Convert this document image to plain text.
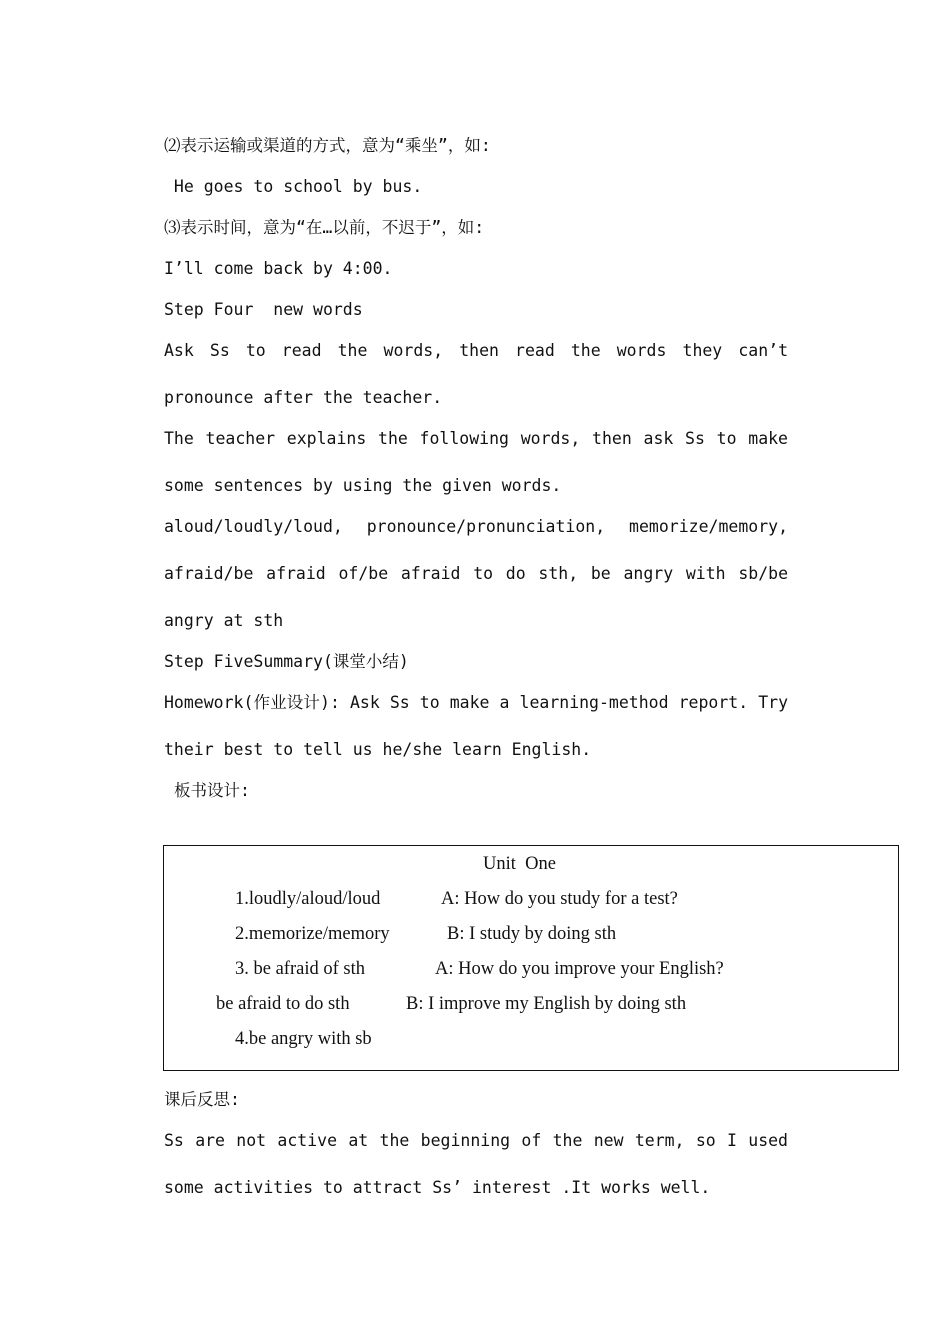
⑵表示运输或渠道的方式，意为“乘坐”，如:
He goes to school by bus.
⑶表示时间，意为“在…以前，不迟于”，如:
I’ll come back by 4:00.
Step Four  new words
Ask Ss to read the words, then read the words they can’t
pronounce after the teacher.
The teacher explains the following words, then ask Ss to make
some sentences by using the given words.
aloud/loudly/loud, pronounce/pronunciation, memorize/memory,
afraid/be afraid of/be afraid to do sth, be angry with sb/be
angry at sth
Step FiveSummary(课堂小结)
Homework(作业设计): Ask Ss to make a learning-method report. Try
their best to tell us he/she learn English.
板书设计:
Unit  One
1.loudly/aloud/loud	A: How do you study for a test?
2.memorize/memory	B: I study by doing sth
3. be afraid of sth	A: How do you improve your English?
be afraid to do sth	B: I improve my English by doing sth
4.be angry with sb
课后反思:
Ss are not active at the beginning of the new term, so I used
some activities to attract Ss’ interest .It works well.
